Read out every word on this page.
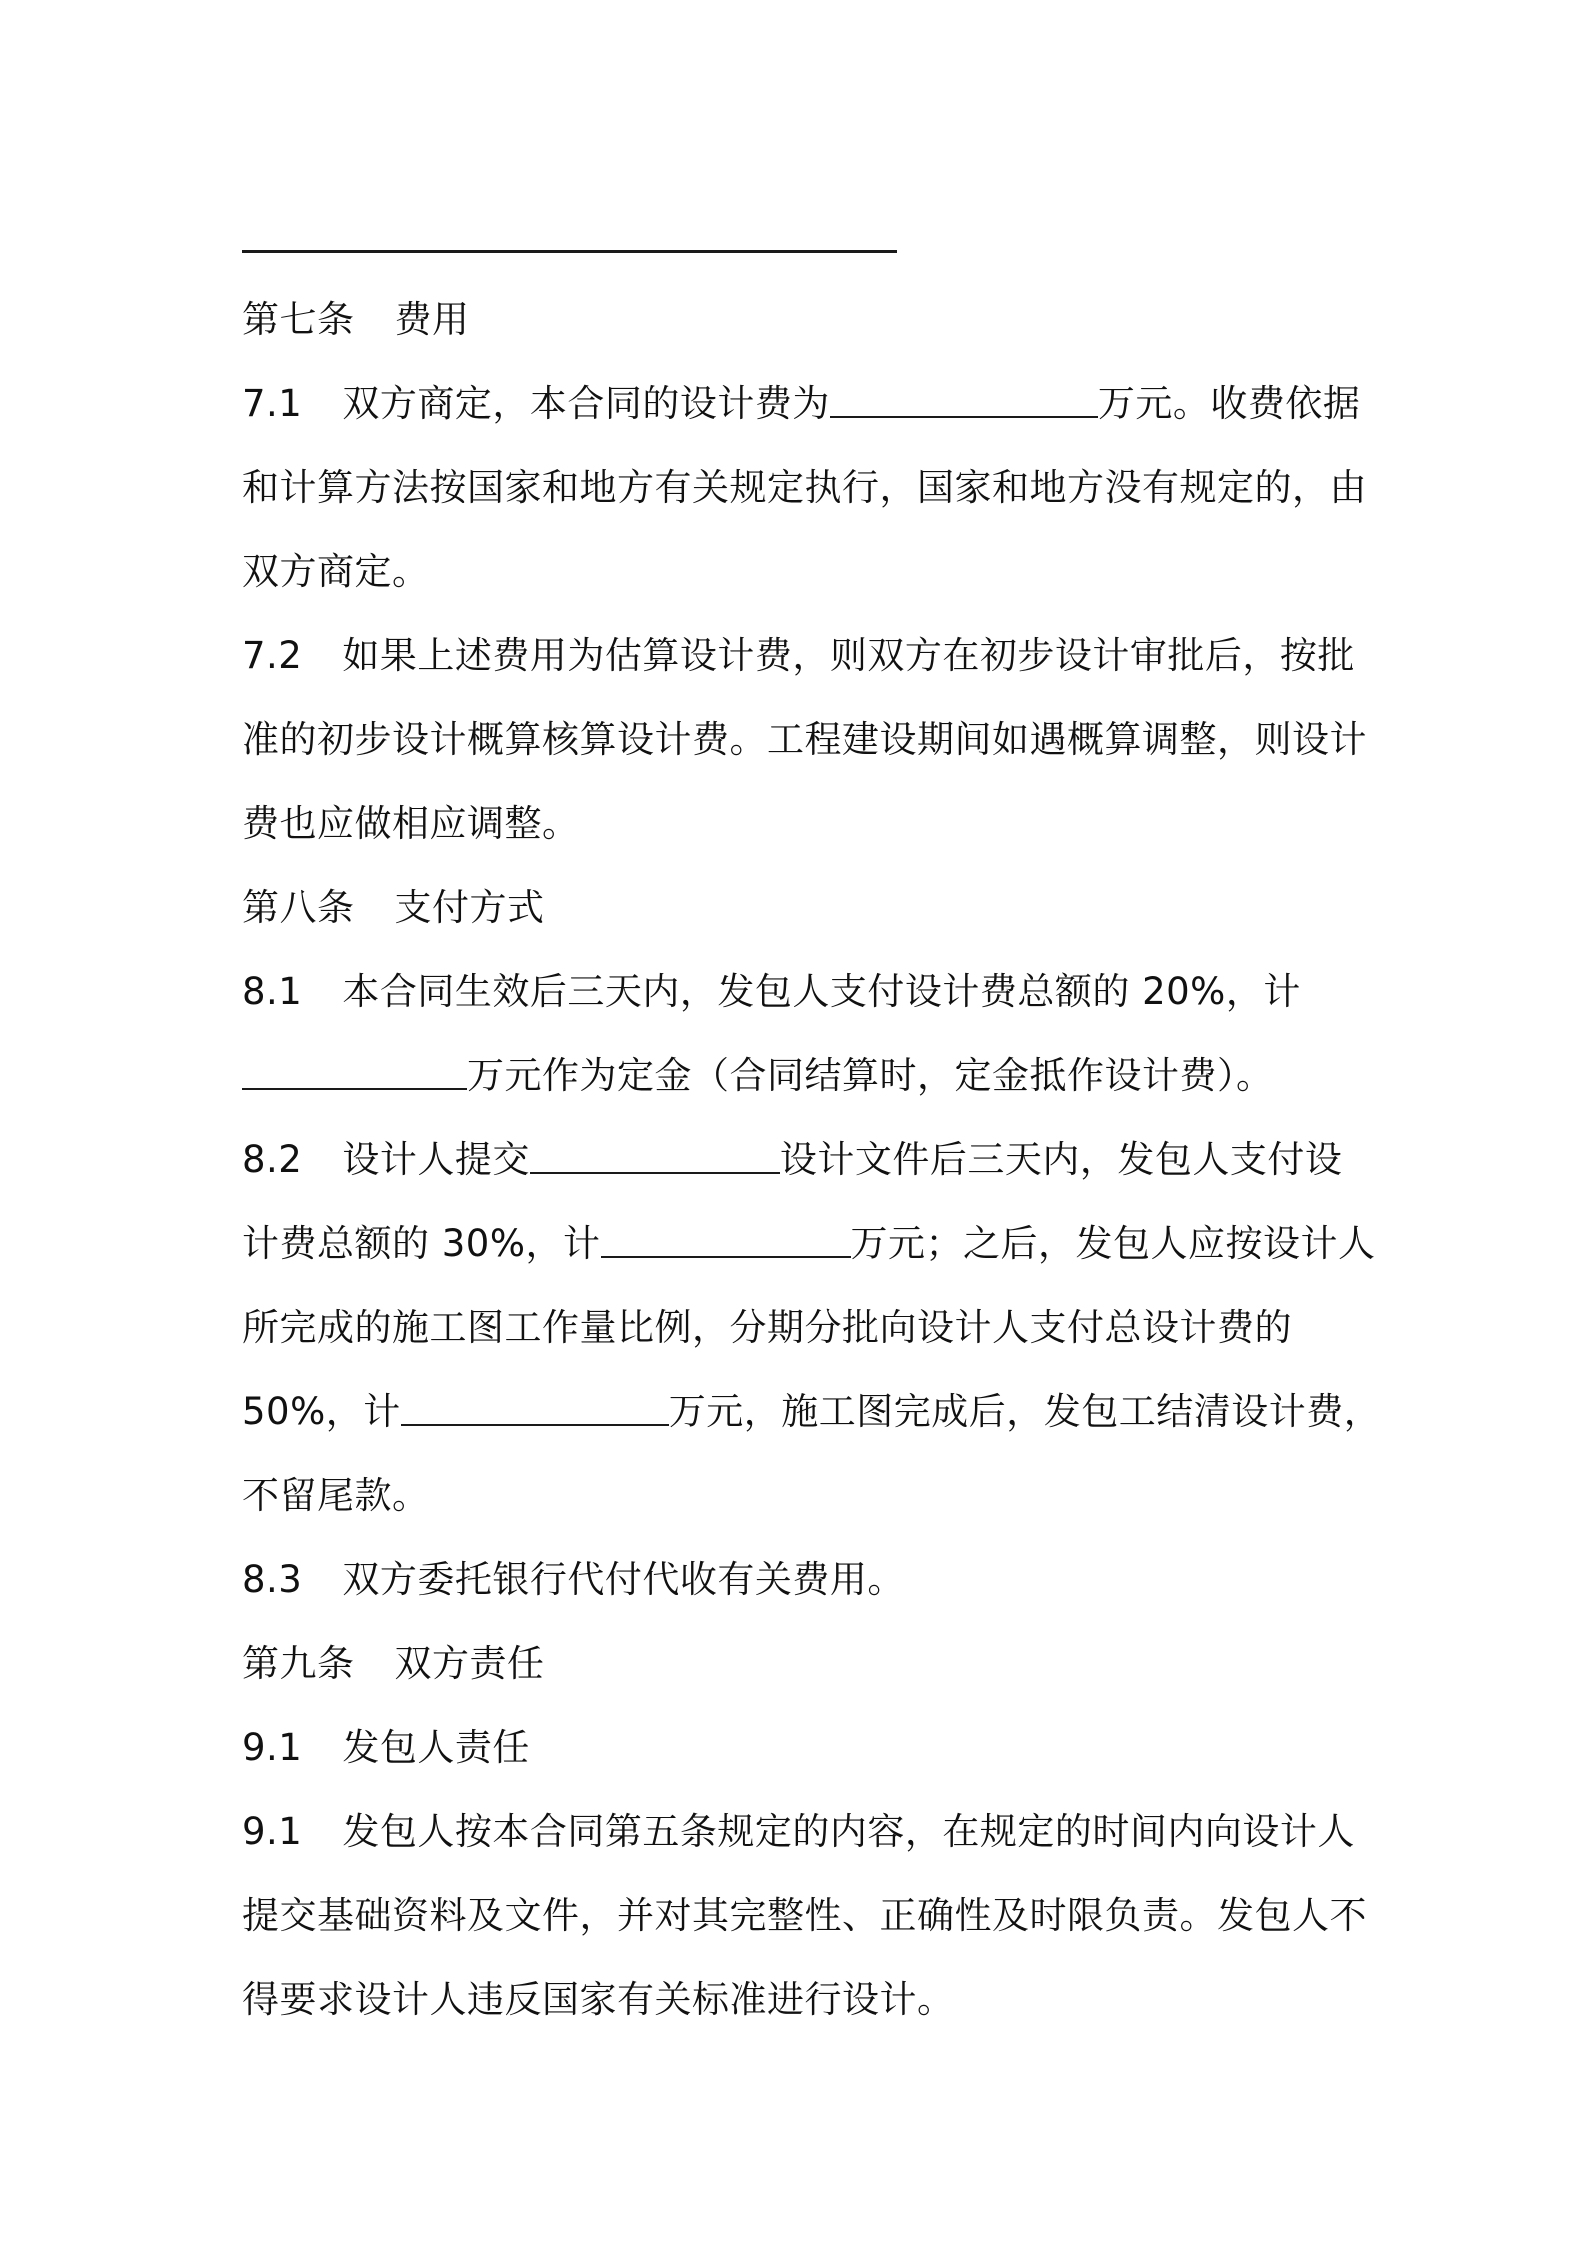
第七条 费用
7.1 双方商定，本合同的设计费为	万元。收费依据
和计算方法按国家和地方有关规定执行，国家和地方没有规定的，由
双方商定。
7.2 如果上述费用为估算设计费，则双方在初步设计审批后，按批
准的初步设计概算核算设计费。工程建设期间如遇概算调整，则设计
费也应做相应调整。
第八条 支付方式
8.1 本合同生效后三天内，发包人支付设计费总额的 20%，计
万元作为定金（合同结算时，定金抵作设计费）。
8.2 设计人提交	设计文件后三天内，发包人支付设
计费总额的 30%，计	万元；之后，发包人应按设计人
所完成的施工图工作量比例，分期分批向设计人支付总设计费的
50%，计	万元，施工图完成后，发包工结清设计费，
不留尾款。
8.3 双方委托银行代付代收有关费用。
第九条 双方责任
9.1 发包人责任
9.1 发包人按本合同第五条规定的内容，在规定的时间内向设计人
提交基础资料及文件，并对其完整性、正确性及时限负责。发包人不
得要求设计人违反国家有关标准进行设计。
